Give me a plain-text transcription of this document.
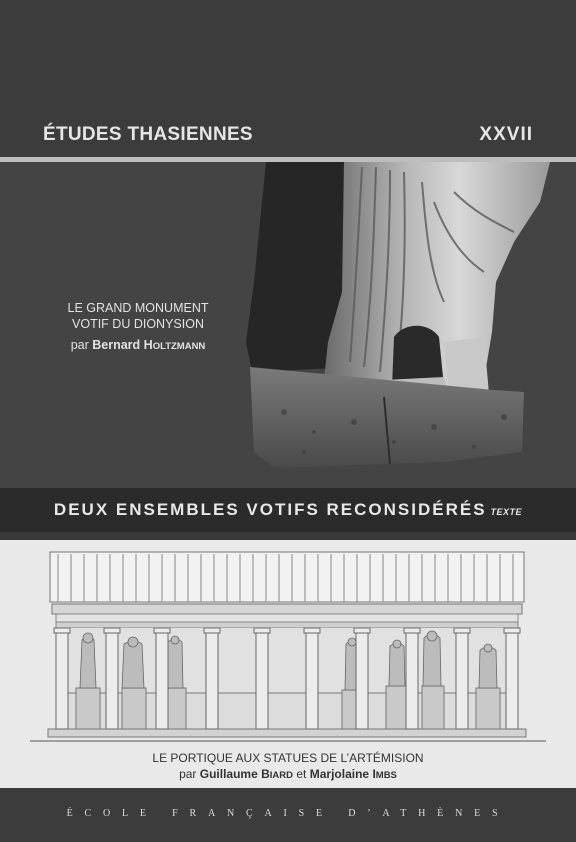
ÉTUDES THASIENNES	XXVII
LE GRAND MONUMENT
VOTIF DU DIONYSION
par Bernard HOLTZMANN
DEUX ENSEMBLES VOTIFS RECONSIDÉRÉS TEXTE
LE PORTIQUE AUX STATUES DE L’ARTÉMISION
par Guillaume BIARD et Marjolaine IMBS
ÉCOLE FRANÇAISE D’ATHÈNES
